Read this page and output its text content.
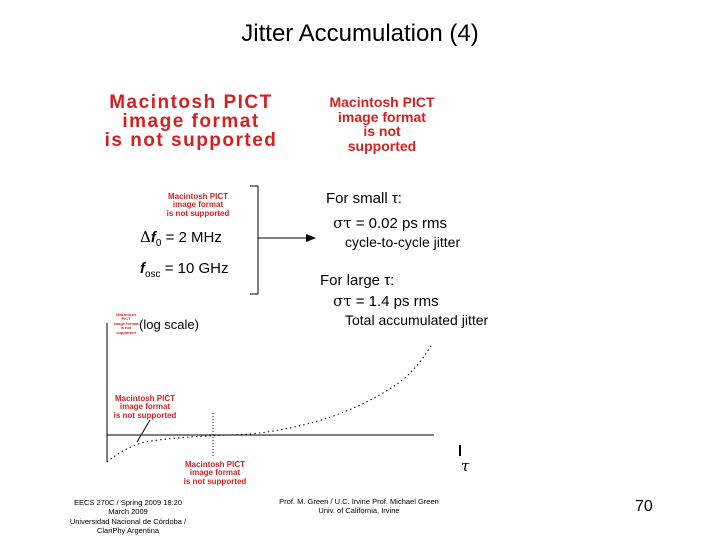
Jitter Accumulation (4)
Macintosh PICT
image format
is not supported
Macintosh PICT
image format
is not supported
Macintosh PICT
image format
is not supported
$\Delta f_0 = 2$ MHz
$f_{osc} = 10$ GHz
For small τ:
στ = 0.02 ps rms
cycle-to-cycle jitter
For large τ:
στ = 1.4 ps rms
Total accumulated jitter
Macintosh PICT
image format
is not supported
(log scale)
Macintosh PICT
image format
is not supported
Macintosh PICT
image format
is not supported
τ
EECS 270C / Spring 2009 18:20
March 2009
Universidad Nacional de Córdoba /
ClariPhy Argentina
Prof. M. Green / U.C. Irvine Prof. Michael Green
Univ. of California, Irvine	70
